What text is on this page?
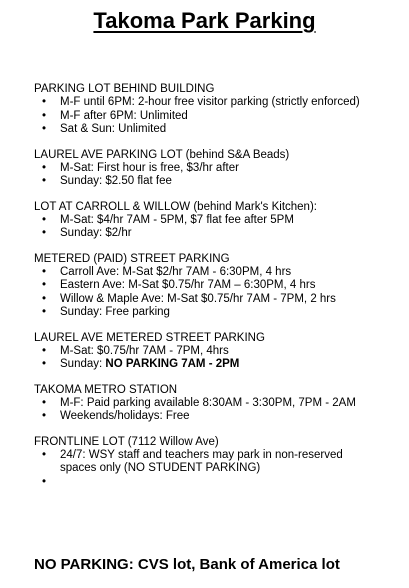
Takoma Park Parking
PARKING LOT BEHIND BUILDING
• M-F until 6PM: 2-hour free visitor parking (strictly enforced)
• M-F after 6PM: Unlimited
• Sat & Sun: Unlimited
LAUREL AVE PARKING LOT (behind S&A Beads)
• M-Sat: First hour is free, $3/hr after
• Sunday: $2.50 flat fee
LOT AT CARROLL & WILLOW (behind Mark's Kitchen):
• M-Sat: $4/hr 7AM - 5PM, $7 flat fee after 5PM
• Sunday: $2/hr
METERED (PAID) STREET PARKING
• Carroll Ave: M-Sat $2/hr 7AM - 6:30PM, 4 hrs
• Eastern Ave: M-Sat $0.75/hr 7AM – 6:30PM, 4 hrs
• Willow & Maple Ave: M-Sat $0.75/hr 7AM - 7PM, 2 hrs
• Sunday: Free parking
LAUREL AVE METERED STREET PARKING
• M-Sat: $0.75/hr 7AM - 7PM, 4hrs
• Sunday: NO PARKING 7AM - 2PM
TAKOMA METRO STATION
• M-F: Paid parking available 8:30AM - 3:30PM, 7PM - 2AM
• Weekends/holidays: Free
FRONTLINE LOT (7112 Willow Ave)
• 24/7: WSY staff and teachers may park in non-reserved spaces only (NO STUDENT PARKING)
•
NO PARKING: CVS lot, Bank of America lot
